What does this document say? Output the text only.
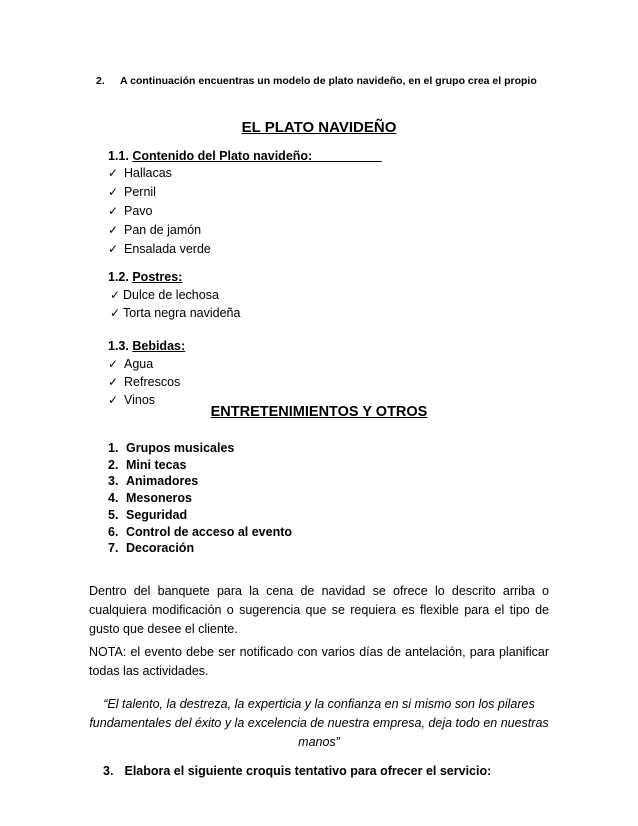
2. A continuación encuentras un modelo de plato navideño, en el grupo crea el propio
EL PLATO NAVIDEÑO
1.1. Contenido del Plato navideño:__________
✓ Hallacas
✓ Pernil
✓ Pavo
✓ Pan de jamón
✓ Ensalada verde
1.2. Postres:
✓ Dulce de lechosa
✓ Torta negra navideña
1.3. Bebidas:
✓ Agua
✓ Refrescos
✓ Vinos
ENTRETENIMIENTOS Y OTROS
1. Grupos musicales
2. Mini tecas
3. Animadores
4. Mesoneros
5. Seguridad
6. Control de acceso al evento
7. Decoración
Dentro del banquete para la cena de navidad se ofrece lo descrito arriba o cualquiera modificación o sugerencia que se requiera es flexible para el tipo de gusto que desee el cliente.
NOTA: el evento debe ser notificado con varios días de antelación, para planificar todas las actividades.
“El talento, la destreza, la experticia y la confianza en si mismo son los pilares fundamentales del éxito y la excelencia de nuestra empresa, deja todo en nuestras manos”
3. Elabora el siguiente croquis tentativo para ofrecer el servicio:
